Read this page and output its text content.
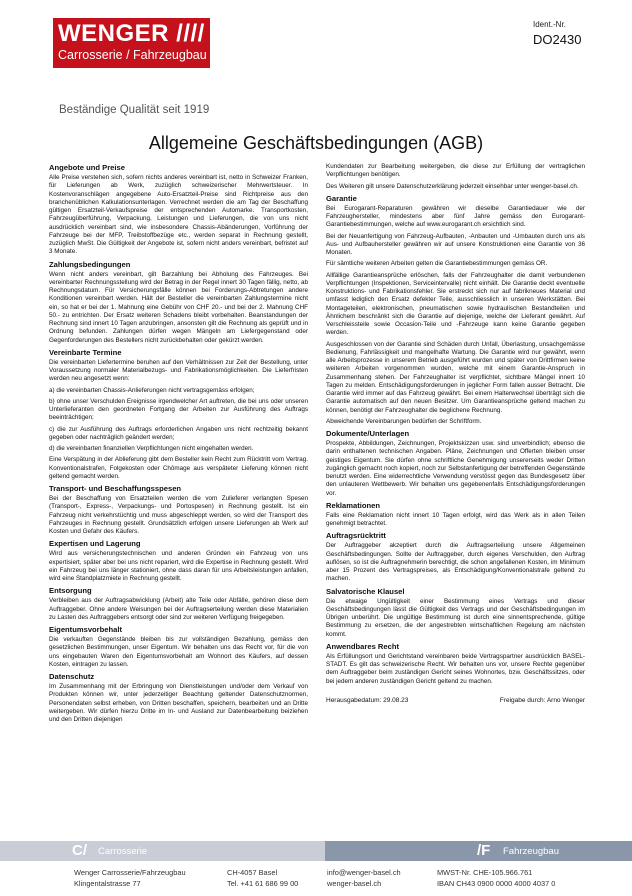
WENGER ////
Carrosserie / Fahrzeugbau
Beständige Qualität seit 1919
Ident.-Nr.
DO2430
Allgemeine Geschäftsbedingungen (AGB)
Angebote und Preise

Alle Preise verstehen sich, sofern nichts anderes vereinbart ist, netto in Schweizer Franken, für Lieferungen ab Werk, zuzüglich schweizerischer Mehrwertsteuer. In Kostenvoranschlägen angegebene Auto-Ersatzteil-Preise sind Richtpreise aus den branchenüblichen Kalkulationsunterlagen. Verrechnet werden die am Tag der Beschaffung gültigen Ersatzteil-Verkaufspreise der entsprechenden Automarke. Transportkosten, Fahrzeugüberführung, Verpackung, Leistungen und Lieferungen, die von uns nicht ausdrücklich vereinbart sind, wie insbesondere Chassis-Abänderungen, Vorführung der Fahrzeuge bei der MFP, Treibstoffbezüge etc., werden separat in Rechnung gestellt, zuzüglich MwSt. Die Gültigkeit der Angebote ist, sofern nicht anders vereinbart, befristet auf 3 Monate.

Zahlungsbedingungen

Wenn nicht anders vereinbart, gilt Barzahlung bei Abholung des Fahrzeuges. Bei vereinbarter Rechnungsstellung wird der Betrag in der Regel innert 30 Tagen fällig, netto, ab Rechnungsdatum. Für Versicherungsfälle können bei Forderungs-Abtretungen andere Konditionen vereinbart werden. Hält der Besteller die vereinbarten Zahlungstermine nicht ein, so hat er bei der 1. Mahnung eine Gebühr von CHF 20.- und bei der 2. Mahnung CHF 50.- zu entrichten. Der Ersatz weiteren Schadens bleibt vorbehalten. Beanstandungen der Rechnung sind innert 10 Tagen anzubringen, ansonsten gilt die Rechnung als geprüft und in Ordnung befunden. Zahlungen dürfen wegen Mängeln am Liefergegenstand oder Gegenforderungen des Bestellers nicht zurückbehalten oder gekürzt werden.

Vereinbarte Termine

Die vereinbarten Liefertermine beruhen auf den Verhältnissen zur Zeit der Bestellung, unter Voraussetzung normaler Materialbezugs- und Fabrikationsmöglichkeiten. Die Lieferfristen werden neu angesetzt wenn:

a) die vereinbarten Chassis-Anlieferungen nicht vertragsgemäss erfolgen;

b) ohne unser Verschulden Ereignisse irgendwelcher Art auftreten, die bei uns oder unseren Unterlieferanten den geordneten Fortgang der Arbeiten zur Ausführung des Auftrags beeinträchtigen;

c) die zur Ausführung des Auftrags erforderlichen Angaben uns nicht rechtzeitig bekannt gegeben oder nachträglich geändert werden;

d) die vereinbarten finanziellen Verpflichtungen nicht eingehalten werden.

Eine Verspätung in der Ablieferung gibt dem Besteller kein Recht zum Rücktritt vom Vertrag. Konventionalstrafen, Folgekosten oder Chômage aus verspäteter Lieferung können nicht geltend gemacht werden.

Transport- und Beschaffungsspesen

Bei der Beschaffung von Ersatzteilen werden die vom Zulieferer verlangten Spesen (Transport-, Express-, Verpackungs- und Portospesen) in Rechnung gestellt. Ist ein Fahrzeug nicht verkehrstüchtig und muss abgeschleppt werden, so wird der Transport des Fahrzeuges in Rechnung gestellt. Grundsätzlich erfolgen unsere Lieferungen ab Werk auf Kosten und Gefahr des Käufers.

Expertisen und Lagerung

Wird aus versicherungstechnischen und anderen Gründen ein Fahrzeug von uns expertisiert, später aber bei uns nicht repariert, wird die Expertise in Rechnung gestellt. Wird ein Fahrzeug bei uns länger stationiert, ohne dass daran für uns Arbeitsleistungen anfallen, wird eine Standplatzmiete in Rechnung gestellt.

Entsorgung

Verbleiben aus der Auftragsabwicklung (Arbeit) alte Teile oder Abfälle, gehören diese dem Auftraggeber. Ohne andere Weisungen bei der Auftragserteilung werden diese Materialien zu Lasten des Auftraggebers entsorgt oder sind zur weiteren Verfügung freigegeben.

Eigentumsvorbehalt

Die verkauften Gegenstände bleiben bis zur vollständigen Bezahlung, gemäss den gesetzlichen Bestimmungen, unser Eigentum. Wir behalten uns das Recht vor, für die von uns eingebauten Waren den Eigentumsvorbehalt am Wohnort des Käufers, auf dessen Kosten, eintragen zu lassen.

Datenschutz

Im Zusammenhang mit der Erbringung von Dienstleistungen und/oder dem Verkauf von Produkten können wir, unter jederzeitiger Beachtung geltender Datenschutznormen, Personendaten selbst erheben, von Dritten beschaffen, speichern, bearbeiten und an Dritte weitergeben. Wir dürfen hierzu Dritte im In- und Ausland zur Datenbearbeitung beiziehen und den Dritten diejenigen

Kundendaten zur Bearbeitung weitergeben, die diese zur Erfüllung der vertraglichen Verpflichtungen benötigen.

Des Weiteren gilt unsere Datenschutzerklärung jederzeit einsehbar unter wenger-basel.ch.

Garantie

Bei Eurogarant-Reparaturen gewähren wir dieselbe Garantiedauer wie der Fahrzeughersteller, mindestens aber fünf Jahre gemäss den Eurogarant-Garantiebestimmungen, welche auf www.eurogarant.ch ersichtlich sind.

Bei der Neuanfertigung von Fahrzeug-Aufbauten, -Anbauten und -Umbauten durch uns als Aus- und Aufbauhersteller gewähren wir auf unsere Konstruktionen eine Garantie von 36 Monaten.

Für sämtliche weiteren Arbeiten gelten die Garantiebestimmungen gemäss OR.

Allfällige Garantieansprüche erlöschen, falls der Fahrzeughalter die damit verbundenen Verpflichtungen (Inspektionen, Serviceintervalle) nicht einhält. Die Garantie deckt eventuelle Konstruktions- und Fabrikationsfehler. Sie erstreckt sich nur auf fabrikneues Material und umfasst lediglich den Ersatz defekter Teile, ausschliesslich in unseren Werkstätten. Bei Montageteilen, elektronischen, pneumatischen sowie hydraulischen Bestandteilen und Ähnlichem beschränkt sich die Garantie auf diejenige, welche der Lieferant gewährt. Auf Verschleissteile sowie Occasion-Teile und -Fahrzeuge kann keine Garantie gegeben werden.

Ausgeschlossen von der Garantie sind Schäden durch Unfall, Überlastung, unsachgemässe Bedienung, Fahrlässigkeit und mangelhafte Wartung. Die Garantie wird nur gewährt, wenn alle Arbeitsprozesse in unserem Betrieb ausgeführt wurden und später von Drittfirmen keine weiteren Arbeiten vorgenommen wurden, welche mit einem Garantie-Anspruch in Zusammenhang stehen. Der Fahrzeughalter ist verpflichtet, sichtbare Mängel innert 10 Tagen zu melden. Entschädigungsforderungen in jeglicher Form fallen ausser Betracht. Die Garantie wird immer auf das Fahrzeug gewährt. Bei einem Halterwechsel überträgt sich die Garantie automatisch auf den neuen Besitzer. Um Garantieansprüche geltend machen zu können, benötigt der Fahrzeughalter die beglichene Rechnung.

Abweichende Vereinbarungen bedürfen der Schriftform.

Dokumente/Unterlagen

Prospekte, Abbildungen, Zeichnungen, Projektskizzen usw. sind unverbindlich; ebenso die darin enthaltenen technischen Angaben. Pläne, Zeichnungen und Offerten bleiben unser geistiges Eigentum. Sie dürfen ohne schriftliche Genehmigung unsererseits weder Dritten zugänglich gemacht noch kopiert, noch zur Selbstanfertigung der betreffenden Gegenstände benutzt werden. Eine widerrechtliche Verwendung verstösst gegen das Bundesgesetz über den unlauteren Wettbewerb. Wir behalten uns gegebenenfalls Entschädigungsforderungen vor.

Reklamationen

Falls eine Reklamation nicht innert 10 Tagen erfolgt, wird das Werk als in allen Teilen genehmigt betrachtet.

Auftragsrücktritt

Der Auftraggeber akzeptiert durch die Auftragserteilung unsere Allgemeinen Geschäftsbedingungen. Sollte der Auftraggeber, durch eigenes Verschulden, den Auftrag auflösen, so ist die Auftragnehmerin berechtigt, die schon angefallenen Kosten, im Minimum aber 15 Prozent des Vertragspreises, als Entschädigung/Konventionalstrafe geltend zu machen.

Salvatorische Klausel

Die etwaige Ungültigkeit einer Bestimmung eines Vertrags und dieser Geschäftsbedingungen lässt die Gültigkeit des Vertrags und der Geschäftsbedingungen im Übrigen unberührt. Die ungültige Bestimmung ist durch eine sinnentsprechende, gültige Bestimmung zu ersetzen, die der angestrebten wirtschaftlichen Regelung am nächsten kommt.

Anwendbares Recht

Als Erfüllungsort und Gerichtstand vereinbaren beide Vertragspartner ausdrücklich BASEL-STADT. Es gilt das schweizerische Recht. Wir behalten uns vor, unsere Rechte gegenüber dem Auftraggeber beim zuständigen Gericht seines Wohnortes, bzw. Geschäftssitzes, oder bei jedem anderen zuständigen Gericht geltend zu machen.

Herausgabedatum: 29.08.23	Freigabe durch: Arno Wenger
C/ Carrosserie	/F Fahrzeugbau
Wenger Carrosserie/Fahrzeugbau
Klingentalstrasse 77
CH-4057 Basel
Tel. +41 61 686 99 00
info@wenger-basel.ch
wenger-basel.ch
MWST-Nr. CHE-105.966.761
IBAN CH43 0900 0000 4000 4037 0
